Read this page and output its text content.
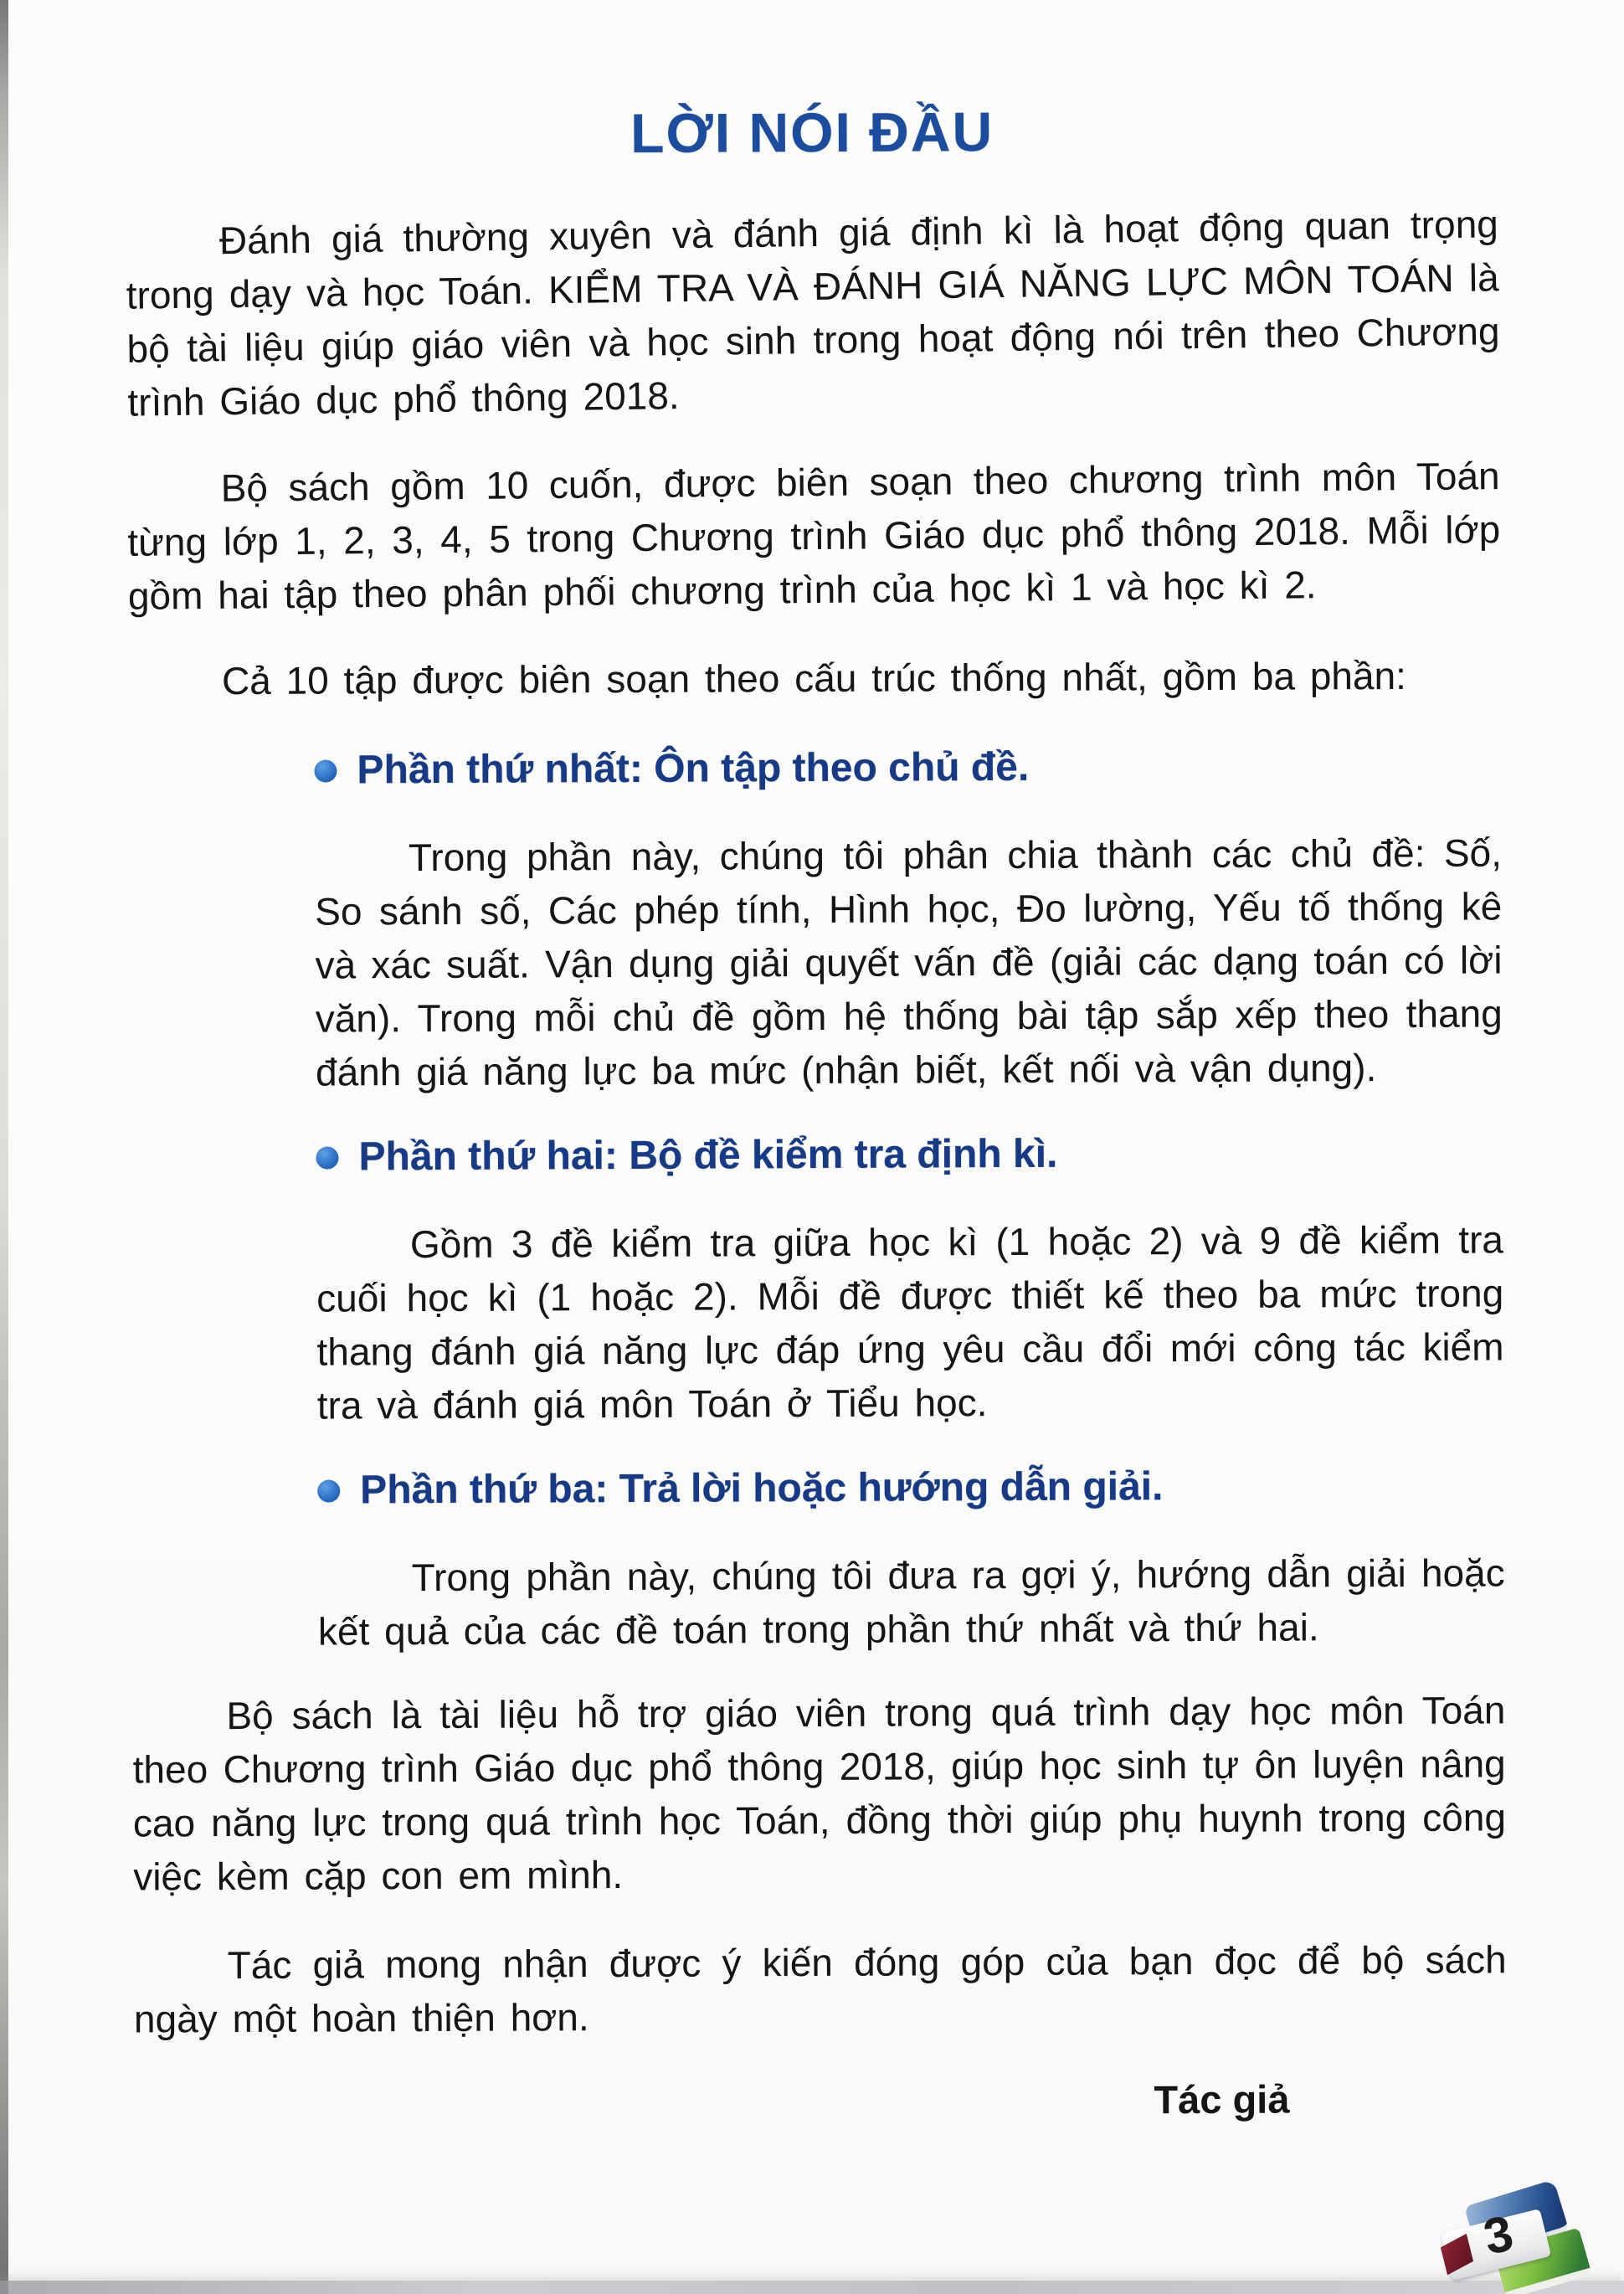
LỜI NÓI ĐẦU

Đánh giá thường xuyên và đánh giá định kì là hoạt động quan trọng trong dạy và học Toán. KIỂM TRA VÀ ĐÁNH GIÁ NĂNG LỰC MÔN TOÁN là bộ tài liệu giúp giáo viên và học sinh trong hoạt động nói trên theo Chương trình Giáo dục phổ thông 2018.

Bộ sách gồm 10 cuốn, được biên soạn theo chương trình môn Toán từng lớp 1, 2, 3, 4, 5 trong Chương trình Giáo dục phổ thông 2018. Mỗi lớp gồm hai tập theo phân phối chương trình của học kì 1 và học kì 2.

Cả 10 tập được biên soạn theo cấu trúc thống nhất, gồm ba phần:

Phần thứ nhất: Ôn tập theo chủ đề.

Trong phần này, chúng tôi phân chia thành các chủ đề: Số, So sánh số, Các phép tính, Hình học, Đo lường, Yếu tố thống kê và xác suất. Vận dụng giải quyết vấn đề (giải các dạng toán có lời văn). Trong mỗi chủ đề gồm hệ thống bài tập sắp xếp theo thang đánh giá năng lực ba mức (nhận biết, kết nối và vận dụng).

Phần thứ hai: Bộ đề kiểm tra định kì.

Gồm 3 đề kiểm tra giữa học kì (1 hoặc 2) và 9 đề kiểm tra cuối học kì (1 hoặc 2). Mỗi đề được thiết kế theo ba mức trong thang đánh giá năng lực đáp ứng yêu cầu đổi mới công tác kiểm tra và đánh giá môn Toán ở Tiểu học.

Phần thứ ba: Trả lời hoặc hướng dẫn giải.

Trong phần này, chúng tôi đưa ra gợi ý, hướng dẫn giải hoặc kết quả của các đề toán trong phần thứ nhất và thứ hai.

Bộ sách là tài liệu hỗ trợ giáo viên trong quá trình dạy học môn Toán theo Chương trình Giáo dục phổ thông 2018, giúp học sinh tự ôn luyện nâng cao năng lực trong quá trình học Toán, đồng thời giúp phụ huynh trong công việc kèm cặp con em mình.

Tác giả mong nhận được ý kiến đóng góp của bạn đọc để bộ sách ngày một hoàn thiện hơn.

Tác giả

3
